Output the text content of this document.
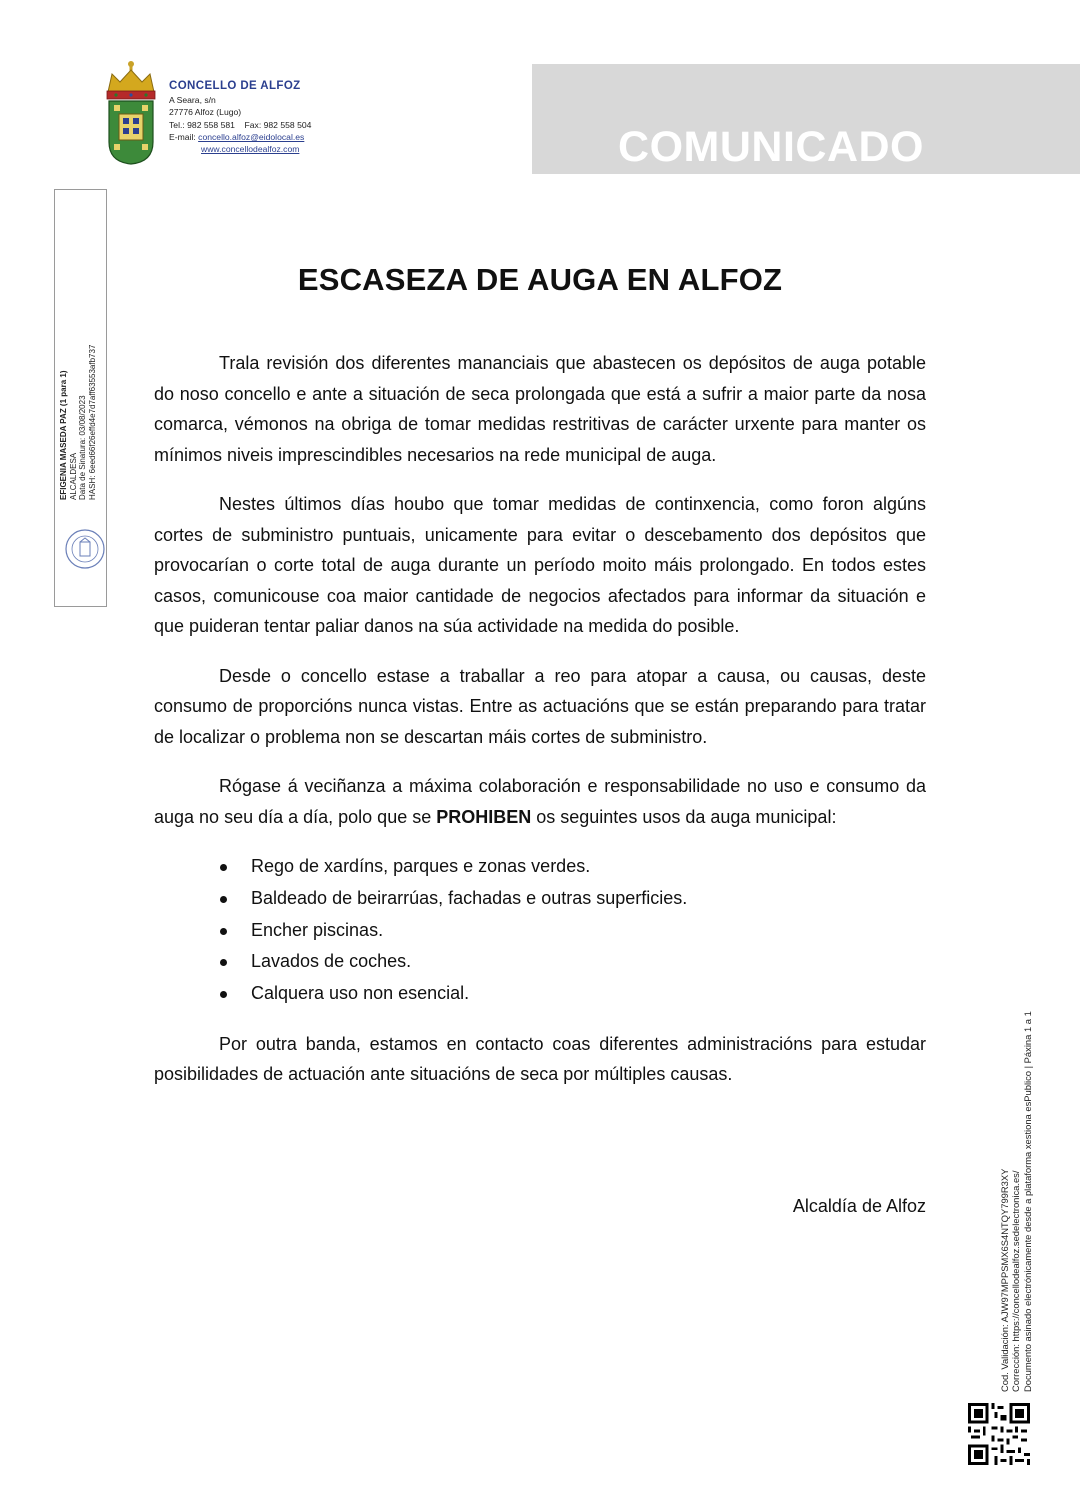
CONCELLO DE ALFOZ
A Seara, s/n
27776 Alfoz (Lugo)
Tel.: 982 558 581 Fax: 982 558 504
E-mail: concello.alfoz@eidolocal.es
www.concellodealfoz.com	COMUNICADO
EFIGENIA MASEDA PAZ (1 para 1) ALCALDESA Data de Sinatura: 03/08/2023 HASH: 6eed66f26effd4e7d7aff63553afb737
ESCASEZA DE AUGA EN ALFOZ

Trala revisión dos diferentes mananciais que abastecen os depósitos de auga potable do noso concello e ante a situación de seca prolongada que está a sufrir a maior parte da nosa comarca, vémonos na obriga de tomar medidas restritivas de carácter urxente para manter os mínimos niveis imprescindibles necesarios na rede municipal de auga.

Nestes últimos días houbo que tomar medidas de continxencia, como foron algúns cortes de subministro puntuais, unicamente para evitar o descebamento dos depósitos que provocarían o corte total de auga durante un período moito máis prolongado. En todos estes casos, comunicouse coa maior cantidade de negocios afectados para informar da situación e que puideran tentar paliar danos na súa actividade na medida do posible.

Desde o concello estase a traballar a reo para atopar a causa, ou causas, deste consumo de proporcións nunca vistas. Entre as actuacións que se están preparando para tratar de localizar o problema non se descartan máis cortes de subministro.

Rógase á veciñanza a máxima colaboración e responsabilidade no uso e consumo da auga no seu día a día, polo que se PROHIBEN os seguintes usos da auga municipal:

Rego de xardíns, parques e zonas verdes.
Baldeado de beirarrúas, fachadas e outras superficies.
Encher piscinas.
Lavados de coches.
Calquera uso non esencial.

Por outra banda, estamos en contacto coas diferentes administracións para estudar posibilidades de actuación ante situacións de seca por múltiples causas.

Alcaldía de Alfoz	Cod. Validación: AJW97MPPSMX6S4NTQY799R3XY Corrección: https://concellodealfoz.sedelectronica.es/ Documento asinado electrónicamente desde a plataforma xestiona esPublico | Páxina 1 a 1
